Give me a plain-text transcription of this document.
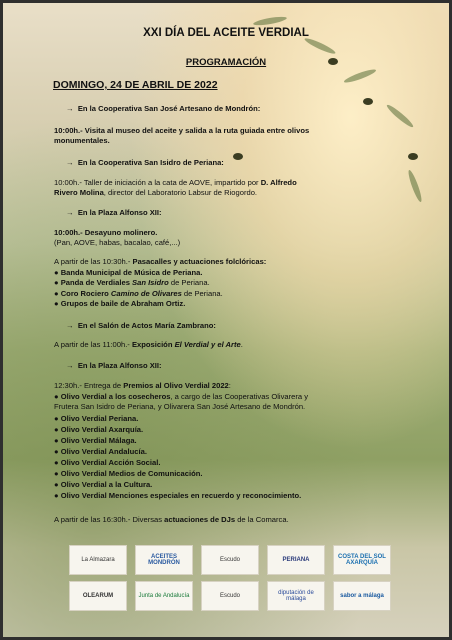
XXI DÍA DEL ACEITE VERDIAL
PROGRAMACIÓN
DOMINGO, 24 DE ABRIL DE 2022
→ En la Cooperativa San José Artesano de Mondrón:
10:00h.- Visita al museo del aceite y salida a la ruta guiada entre olivos
monumentales.
→ En la Cooperativa San Isidro de Periana:
10:00h.- Taller de iniciación a la cata de AOVE, impartido por D. Alfredo
Rivero Molina, director del Laboratorio Labsur de Riogordo.
→ En la Plaza Alfonso XII:
10:00h.- Desayuno molinero.
(Pan, AOVE, habas, bacalao, café,...)
A partir de las 10:30h.- Pasacalles y actuaciones folclóricas:
● Banda Municipal de Música de Periana.
● Panda de Verdiales San Isidro de Periana.
● Coro Rociero Camino de Olivares de Periana.
● Grupos de baile de Abraham Ortiz.
→ En el Salón de Actos María Zambrano:
A partir de las 11:00h.- Exposición El Verdial y el Arte.
→ En la Plaza Alfonso XII:
12:30h.- Entrega de Premios al Olivo Verdial 2022:
● Olivo Verdial a los cosecheros, a cargo de las Cooperativas Olivarera y
Frutera San Isidro de Periana, y Olivarera San José Artesano de Mondrón.
● Olivo Verdial Periana.
● Olivo Verdial Axarquía.
● Olivo Verdial Málaga.
● Olivo Verdial Andalucía.
● Olivo Verdial Acción Social.
● Olivo Verdial Medios de Comunicación.
● Olivo Verdial a la Cultura.
● Olivo Verdial Menciones especiales en recuerdo y reconocimiento.
A partir de las 16:30h.- Diversas actuaciones de DJs de la Comarca.
La Almazara	ACEITES MONDRÓN	Escudo	PERIANA	COSTA DEL SOL AXARQUÍA
OLEARUM	Junta de Andalucía	Escudo	diputación de málaga	sabor a málaga
